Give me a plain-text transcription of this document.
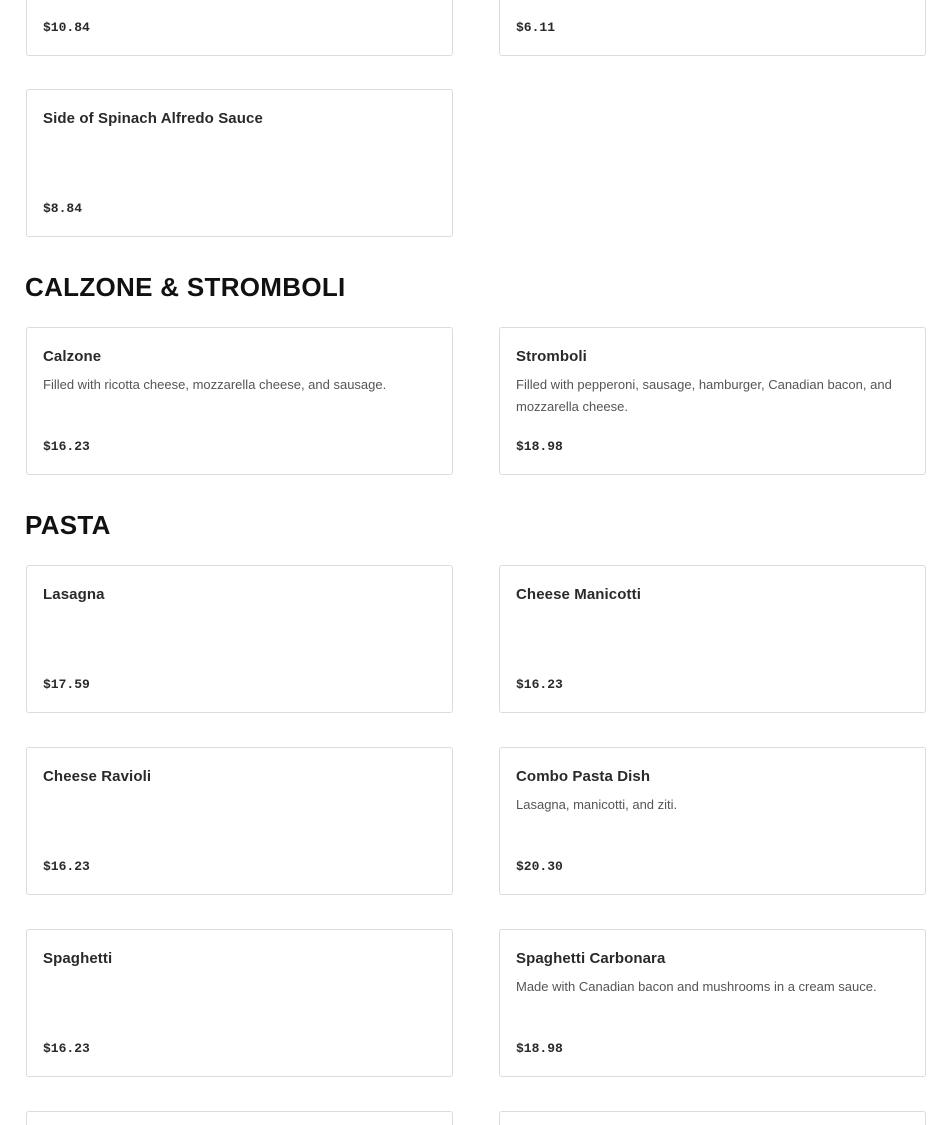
$10.84	$6.11
Side of Spinach Alfredo Sauce
$8.84
CALZONE & STROMBOLI
Calzone
Filled with ricotta cheese, mozzarella cheese, and sausage.
$16.23
Stromboli
Filled with pepperoni, sausage, hamburger, Canadian bacon, and mozzarella cheese.
$18.98
PASTA
Lasagna
$17.59
Cheese Manicotti
$16.23
Cheese Ravioli
$16.23
Combo Pasta Dish
Lasagna, manicotti, and ziti.
$20.30
Spaghetti
$16.23
Spaghetti Carbonara
Made with Canadian bacon and mushrooms in a cream sauce.
$18.98
